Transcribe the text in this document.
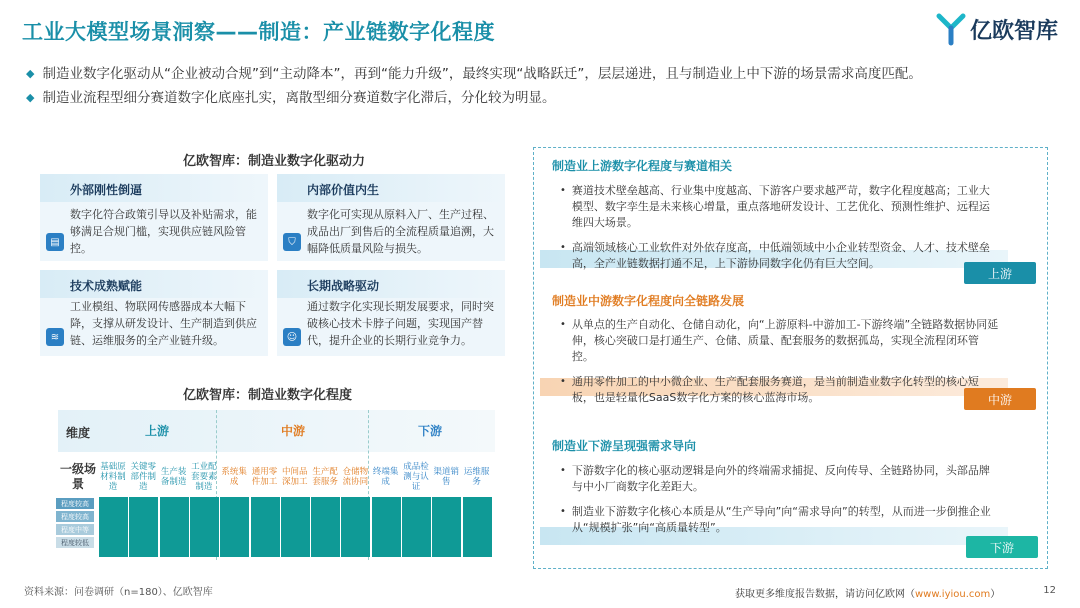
工业大模型场景洞察——制造：产业链数字化程度	亿欧智库
◆ 制造业数字化驱动从“企业被动合规”到“主动降本”，再到“能力升级”，最终实现“战略跃迁”，层层递进，且与制造业上中下游的场景需求高度匹配。
◆ 制造业流程型细分赛道数字化底座扎实，离散型细分赛道数字化滞后，分化较为明显。
亿欧智库：制造业数字化驱动力
外部刚性倒逼
数字化符合政策引导以及补贴需求，能够满足合规门槛，实现供应链风险管控。
▤
内部价值内生
数字化可实现从原料入厂、生产过程、成品出厂到售后的全流程质量追溯，大幅降低质量风险与损失。
⛉
技术成熟赋能
工业模组、物联网传感器成本大幅下降，支撑从研发设计、生产制造到供应链、运维服务的全产业链升级。
≋
长期战略驱动
通过数字化实现长期发展要求，同时突破核心技术卡脖子问题，实现国产替代，提升企业的长期行业竞争力。
☺
亿欧智库：制造业数字化程度
维度	上游	中游	下游
一级场景
基础原材料制造
关键零部件制造
生产装备制造
工业配套要素制造
系统集成
通用零件加工
中间品深加工
生产配套服务
仓储物流协同
终端集成
成品检测与认证
渠道销售
运维服务
程度较高
程度较高
程度中等
程度较低
制造业上游数字化程度与赛道相关
• 赛道技术壁垒越高、行业集中度越高、下游客户要求越严苛，数字化程度越高；工业大模型、数字孪生是未来核心增量，重点落地研发设计、工艺优化、预测性维护、远程运维四大场景。
• 高端领域核心工业软件对外依存度高，中低端领域中小企业转型资金、人才、技术壁垒高，全产业链数据打通不足，上下游协同数字化仍有巨大空间。
上游
制造业中游数字化程度向全链路发展
• 从单点的生产自动化、仓储自动化，向“上游原料-中游加工-下游终端”全链路数据协同延伸，核心突破口是打通生产、仓储、质量、配套服务的数据孤岛，实现全流程闭环管控。
• 通用零件加工的中小微企业、生产配套服务赛道，是当前制造业数字化转型的核心短板，也是轻量化SaaS数字化方案的核心蓝海市场。	中游
制造业下游呈现强需求导向
• 下游数字化的核心驱动逻辑是向外的终端需求捕捉、反向传导、全链路协同，头部品牌与中小厂商数字化差距大。
• 制造业下游数字化核心本质是从“生产导向”向“需求导向”的转型，从而进一步倒推企业从“规模扩张”向“高质量转型”。
下游
资料来源：问卷调研（n=180）、亿欧智库	获取更多维度报告数据，请访问亿欧网（www.iyiou.com）	12
